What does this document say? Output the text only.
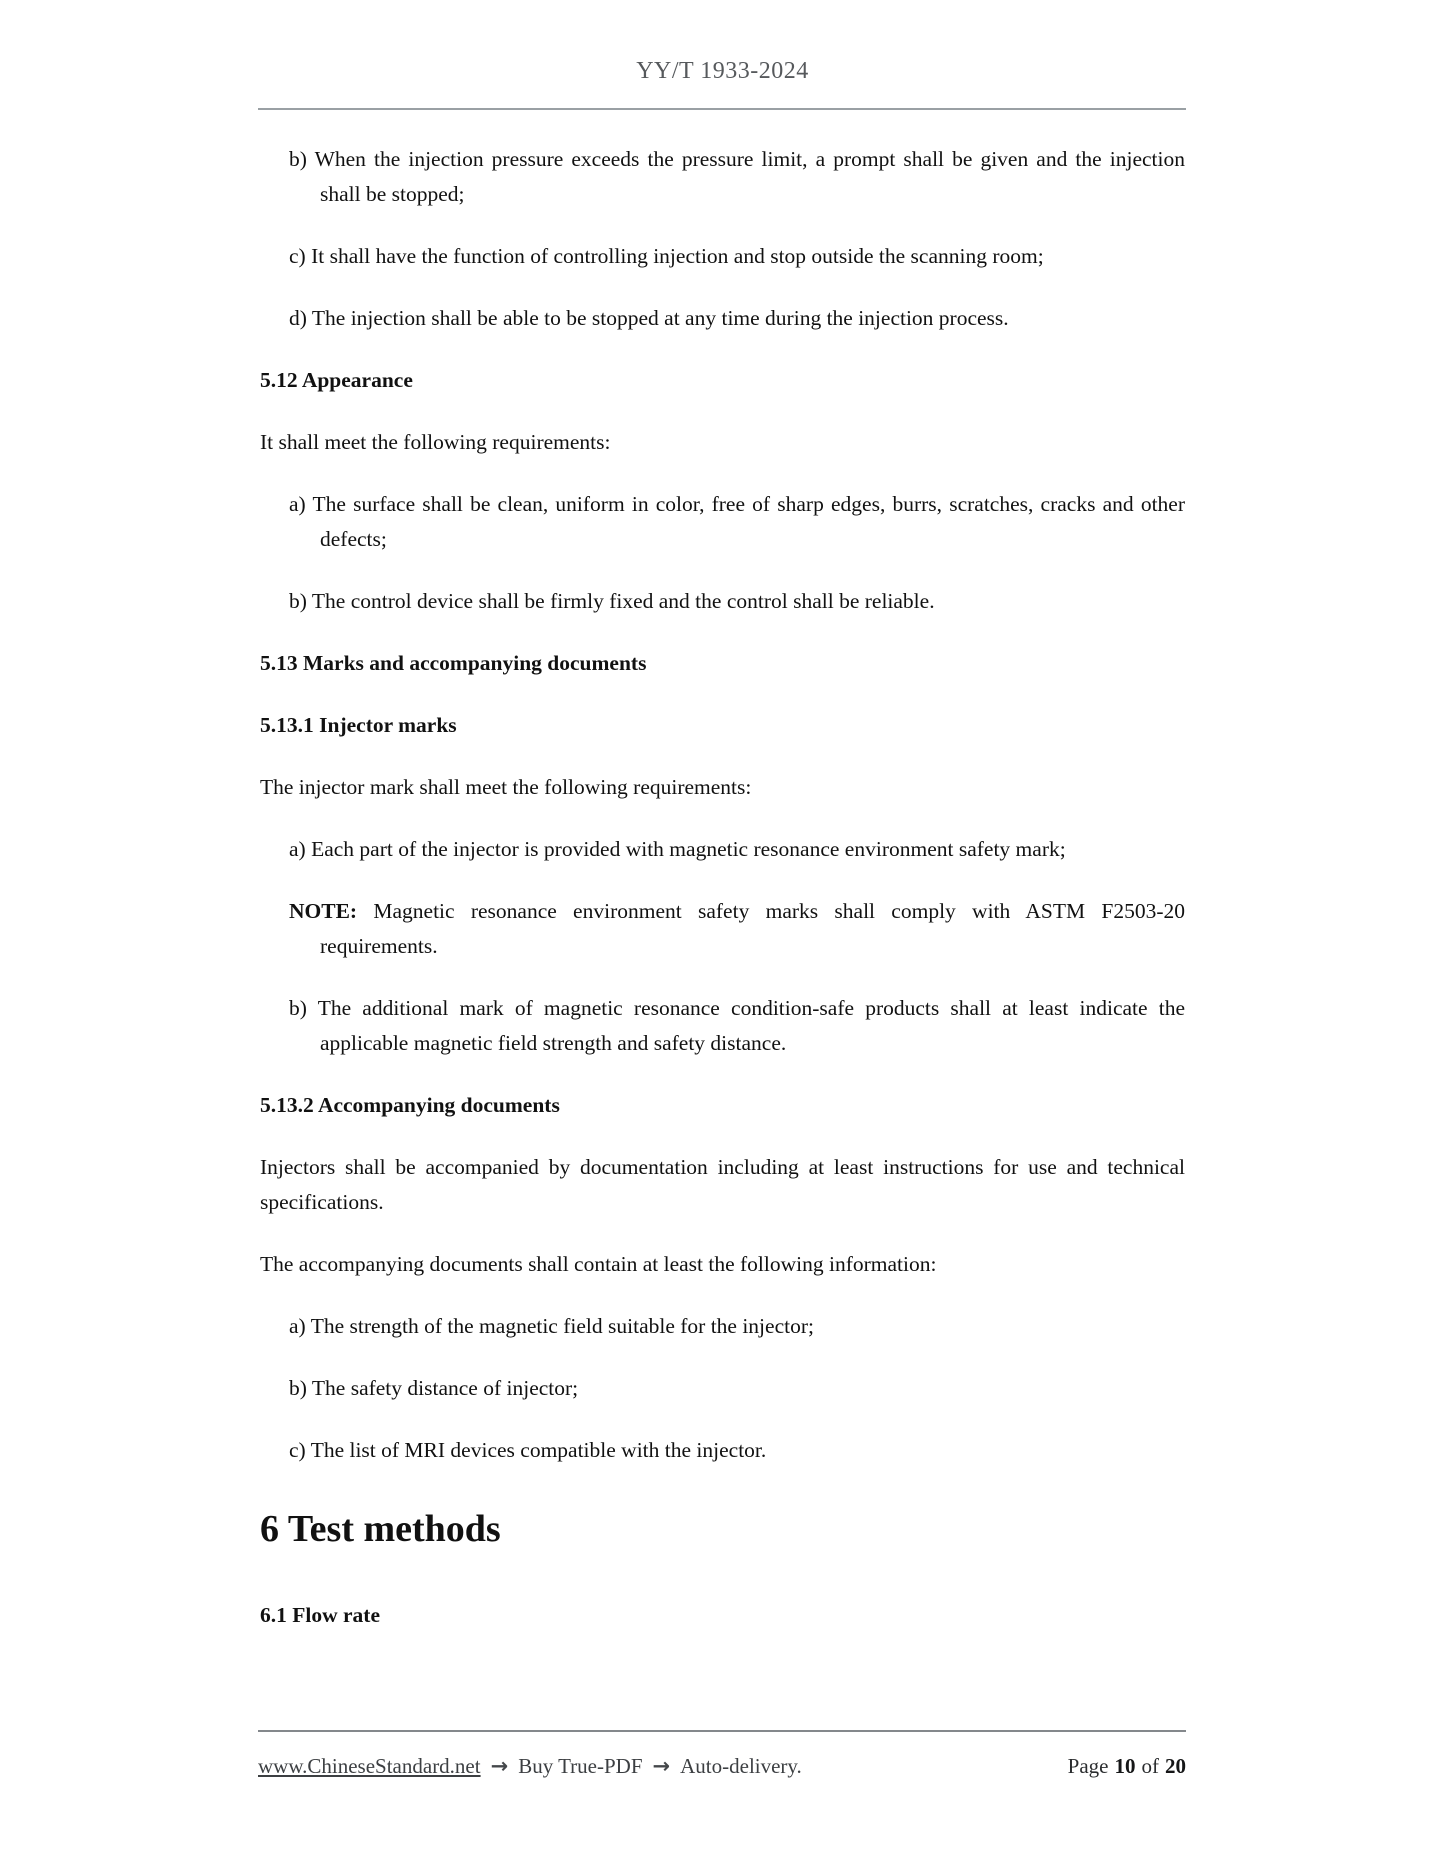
YY/T 1933-2024
b) When the injection pressure exceeds the pressure limit, a prompt shall be given and the injection shall be stopped;
c) It shall have the function of controlling injection and stop outside the scanning room;
d) The injection shall be able to be stopped at any time during the injection process.
5.12 Appearance
It shall meet the following requirements:
a) The surface shall be clean, uniform in color, free of sharp edges, burrs, scratches, cracks and other defects;
b) The control device shall be firmly fixed and the control shall be reliable.
5.13 Marks and accompanying documents
5.13.1 Injector marks
The injector mark shall meet the following requirements:
a) Each part of the injector is provided with magnetic resonance environment safety mark;
NOTE: Magnetic resonance environment safety marks shall comply with ASTM F2503-20 requirements.
b) The additional mark of magnetic resonance condition-safe products shall at least indicate the applicable magnetic field strength and safety distance.
5.13.2 Accompanying documents
Injectors shall be accompanied by documentation including at least instructions for use and technical specifications.
The accompanying documents shall contain at least the following information:
a) The strength of the magnetic field suitable for the injector;
b) The safety distance of injector;
c) The list of MRI devices compatible with the injector.
6 Test methods
6.1 Flow rate
www.ChineseStandard.net → Buy True-PDF → Auto-delivery.	Page 10 of 20
